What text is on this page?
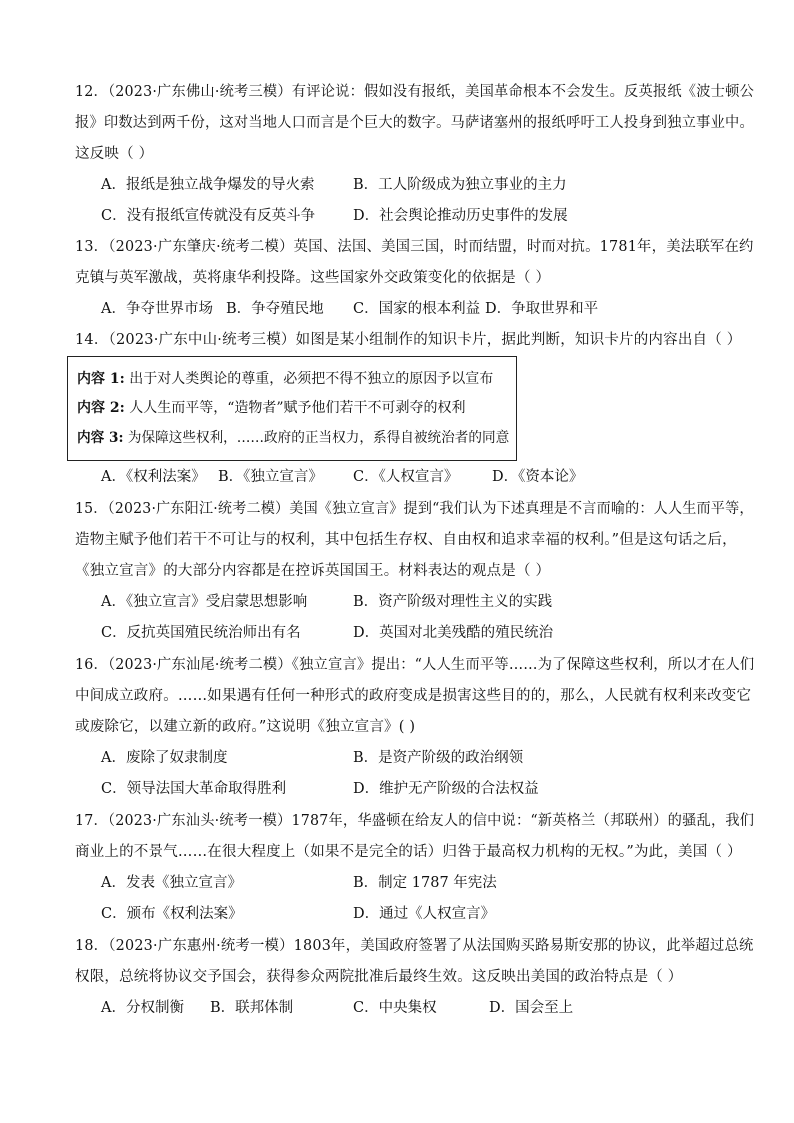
12．（2023·广东佛山·统考三模）有评论说：假如没有报纸，美国革命根本不会发生。反英报纸《波士顿公
报》印数达到两千份，这对当地人口而言是个巨大的数字。马萨诸塞州的报纸呼吁工人投身到独立事业中。
这反映（ ）
A．报纸是独立战争爆发的导火索	B．工人阶级成为独立事业的主力
C．没有报纸宣传就没有反英斗争	D．社会舆论推动历史事件的发展
13．（2023·广东肇庆·统考二模）英国、法国、美国三国，时而结盟，时而对抗。1781年，美法联军在约
克镇与英军激战，英将康华利投降。这些国家外交政策变化的依据是（ ）
A．争夺世界市场 B．争夺殖民地 C．国家的根本利益 D．争取世界和平
14．（2023·广东中山·统考三模）如图是某小组制作的知识卡片，据此判断，知识卡片的内容出自（ ）
内容 1: 出于对人类舆论的尊重，必须把不得不独立的原因予以宣布
内容 2: 人人生而平等，“造物者”赋予他们若干不可剥夺的权利
内容 3: 为保障这些权利，……政府的正当权力，系得自被统治者的同意
A．《权利法案》 B．《独立宣言》 C．《人权宣言》 D．《资本论》
15．（2023·广东阳江·统考二模）美国《独立宣言》提到“我们认为下述真理是不言而喻的：人人生而平等，
造物主赋予他们若干不可让与的权利，其中包括生存权、自由权和追求幸福的权利。”但是这句话之后，
《独立宣言》的大部分内容都是在控诉英国国王。材料表达的观点是（ ）
A．《独立宣言》受启蒙思想影响	B．资产阶级对理性主义的实践
C．反抗英国殖民统治师出有名	D．英国对北美残酷的殖民统治
16．（2023·广东汕尾·统考二模）《独立宣言》提出：“人人生而平等……为了保障这些权利，所以才在人们
中间成立政府。……如果遇有任何一种形式的政府变成是损害这些目的的，那么，人民就有权利来改变它
或废除它，以建立新的政府。”这说明《独立宣言》( )
A．废除了奴隶制度	B．是资产阶级的政治纲领
C．领导法国大革命取得胜利	D．维护无产阶级的合法权益
17．（2023·广东汕头·统考一模）1787年，华盛顿在给友人的信中说：“新英格兰（邦联州）的骚乱，我们
商业上的不景气……在很大程度上（如果不是完全的话）归咎于最高权力机构的无权。”为此，美国（ ）
A．发表《独立宣言》	B．制定 1787 年宪法
C．颁布《权利法案》	D．通过《人权宣言》
18．（2023·广东惠州·统考一模）1803年，美国政府签署了从法国购买路易斯安那的协议，此举超过总统
权限，总统将协议交予国会，获得参众两院批准后最终生效。这反映出美国的政治特点是（ ）
A．分权制衡 B．联邦体制	C．中央集权	D．国会至上
